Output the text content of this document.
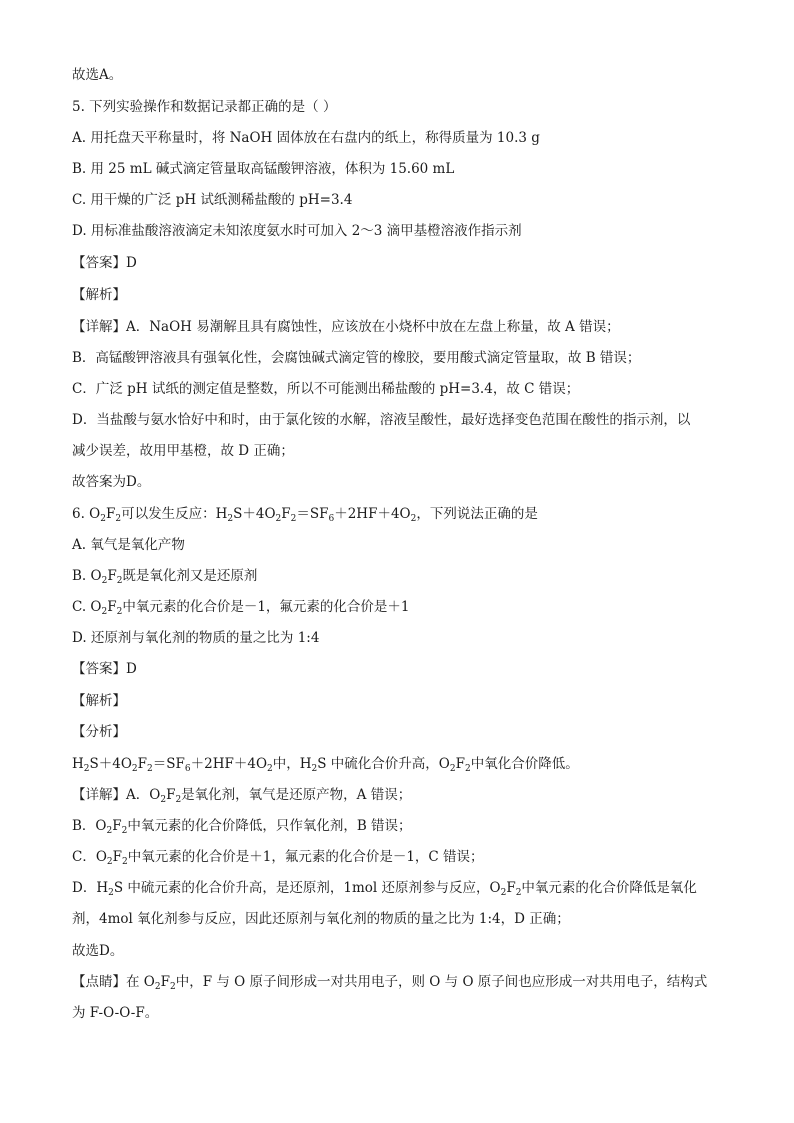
故选A。
5. 下列实验操作和数据记录都正确的是（ ）
A. 用托盘天平称量时，将 NaOH 固体放在右盘内的纸上，称得质量为 10.3 g
B. 用 25 mL 碱式滴定管量取高锰酸钾溶液，体积为 15.60 mL
C. 用干燥的广泛 pH 试纸测稀盐酸的 pH=3.4
D. 用标准盐酸溶液滴定未知浓度氨水时可加入 2～3 滴甲基橙溶液作指示剂
【答案】D
【解析】
【详解】A．NaOH 易潮解且具有腐蚀性，应该放在小烧杯中放在左盘上称量，故 A 错误；
B．高锰酸钾溶液具有强氧化性，会腐蚀碱式滴定管的橡胶，要用酸式滴定管量取，故 B 错误；
C．广泛 pH 试纸的测定值是整数，所以不可能测出稀盐酸的 pH=3.4，故 C 错误；
D．当盐酸与氨水恰好中和时，由于氯化铵的水解，溶液呈酸性，最好选择变色范围在酸性的指示剂，以
减少误差，故用甲基橙，故 D 正确；
故答案为D。
6. $O_2F_2$可以发生反应：$H_2S+4O_2F_2=SF_6+2HF+4O_2$，下列说法正确的是
A. 氧气是氧化产物
B. $O_2F_2$既是氧化剂又是还原剂
C. $O_2F_2$中氧元素的化合价是－1，氟元素的化合价是＋1
D. 还原剂与氧化剂的物质的量之比为 1:4
【答案】D
【解析】
【分析】
$H_2S+4O_2F_2=SF_6+2HF+4O_2$中，$H_2S$ 中硫化合价升高，$O_2F_2$中氧化合价降低。
【详解】A．$O_2F_2$是氧化剂，氧气是还原产物，A 错误；
B．$O_2F_2$中氧元素的化合价降低，只作氧化剂，B 错误；
C．$O_2F_2$中氧元素的化合价是＋1，氟元素的化合价是－1，C 错误；
D．$H_2S$ 中硫元素的化合价升高，是还原剂，1mol 还原剂参与反应，$O_2F_2$中氧元素的化合价降低是氧化
剂，4mol 氧化剂参与反应，因此还原剂与氧化剂的物质的量之比为 1:4，D 正确；
故选D。
【点睛】在 $O_2F_2$中，F 与 O 原子间形成一对共用电子，则 O 与 O 原子间也应形成一对共用电子，结构式
为 F-O-O-F。
